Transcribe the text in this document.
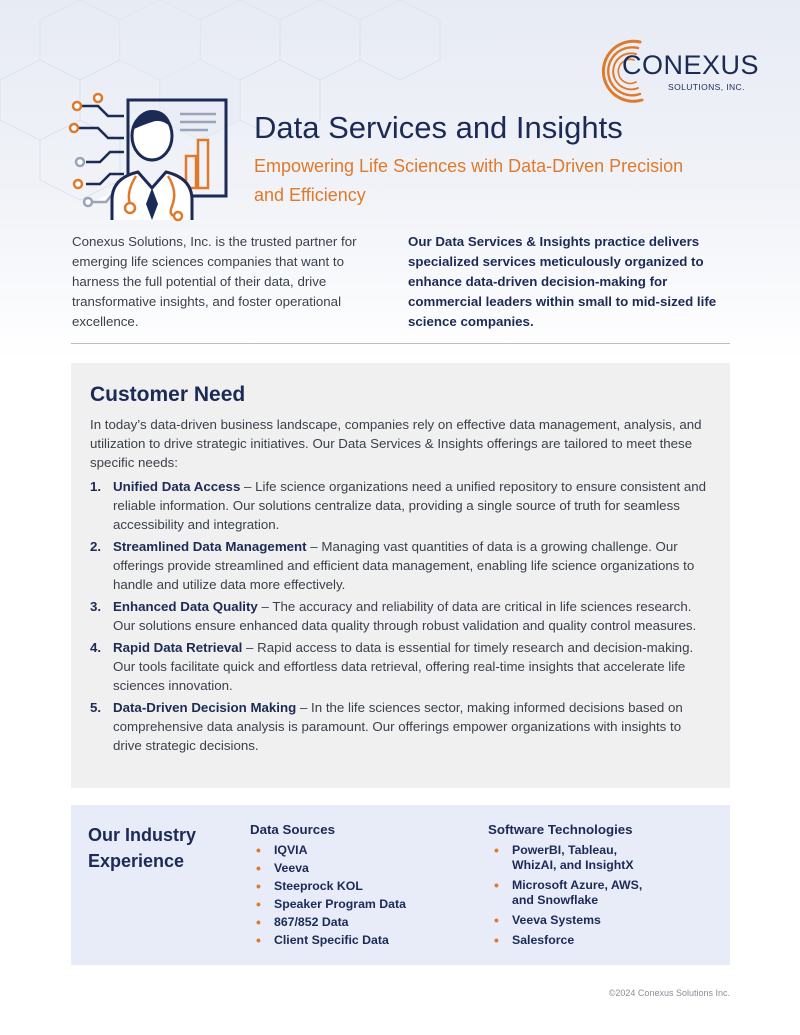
CONEXUS
SOLUTIONS, INC.
Data Services and Insights
Empowering Life Sciences with Data-Driven Precision and Efficiency

Conexus Solutions, Inc. is the trusted partner for emerging life sciences companies that want to harness the full potential of their data, drive transformative insights, and foster operational excellence.

Our Data Services & Insights practice delivers specialized services meticulously organized to enhance data-driven decision-making for commercial leaders within small to mid-sized life science companies.

Customer Need

In today’s data-driven business landscape, companies rely on effective data management, analysis, and utilization to drive strategic initiatives. Our Data Services & Insights offerings are tailored to meet these specific needs:

1. Unified Data Access – Life science organizations need a unified repository to ensure consistent and reliable information. Our solutions centralize data, providing a single source of truth for seamless accessibility and integration.
2. Streamlined Data Management – Managing vast quantities of data is a growing challenge. Our offerings provide streamlined and efficient data management, enabling life science organizations to handle and utilize data more effectively.
3. Enhanced Data Quality – The accuracy and reliability of data are critical in life sciences research. Our solutions ensure enhanced data quality through robust validation and quality control measures.
4. Rapid Data Retrieval – Rapid access to data is essential for timely research and decision-making. Our tools facilitate quick and effortless data retrieval, offering real-time insights that accelerate life sciences innovation.
5. Data-Driven Decision Making – In the life sciences sector, making informed decisions based on comprehensive data analysis is paramount. Our offerings empower organizations with insights to drive strategic decisions.
Our Industry Experience
Data Sources
• IQVIA
• Veeva
• Steeprock KOL
• Speaker Program Data
• 867/852 Data
• Client Specific Data
Software Technologies
• PowerBI, Tableau, WhizAI, and InsightX
• Microsoft Azure, AWS, and Snowflake
• Veeva Systems
• Salesforce
©2024 Conexus Solutions Inc.
